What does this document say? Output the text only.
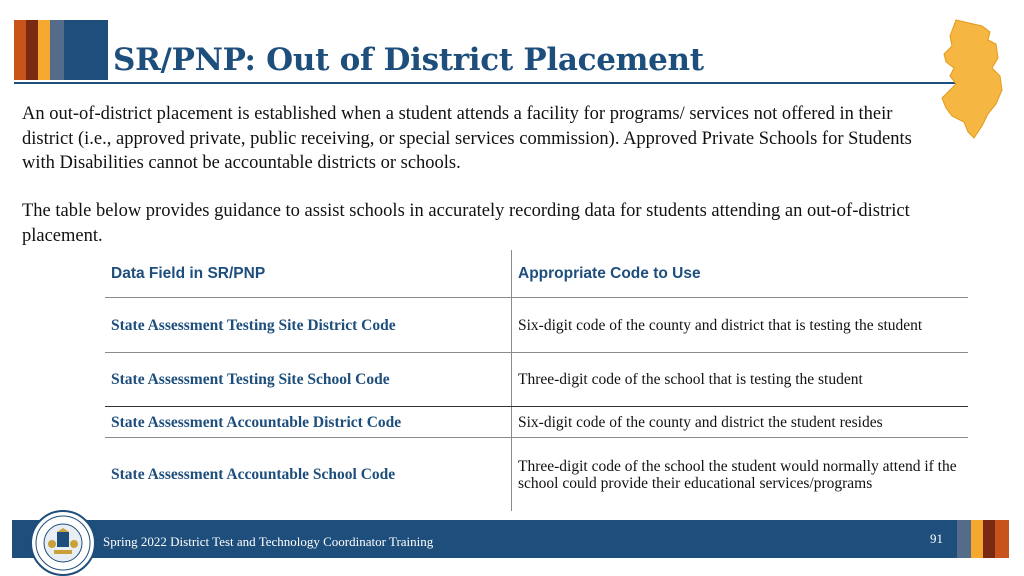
SR/PNP: Out of District Placement
An out-of-district placement is established when a student attends a facility for programs/ services not offered in their district (i.e., approved private, public receiving, or special services commission). Approved Private Schools for Students with Disabilities cannot be accountable districts or schools.
The table below provides guidance to assist schools in accurately recording data for students attending an out-of-district placement.
Data Field in SR/PNP	Appropriate Code to Use
State Assessment Testing Site District Code	Six-digit code of the county and district that is testing the student
State Assessment Testing Site School Code	Three-digit code of the school that is testing the student
State Assessment Accountable District Code	Six-digit code of the county and district the student resides
State Assessment Accountable School Code	Three-digit code of the school the student would normally attend if the school could provide their educational services/programs
Spring 2022 District Test and Technology Coordinator Training	91
